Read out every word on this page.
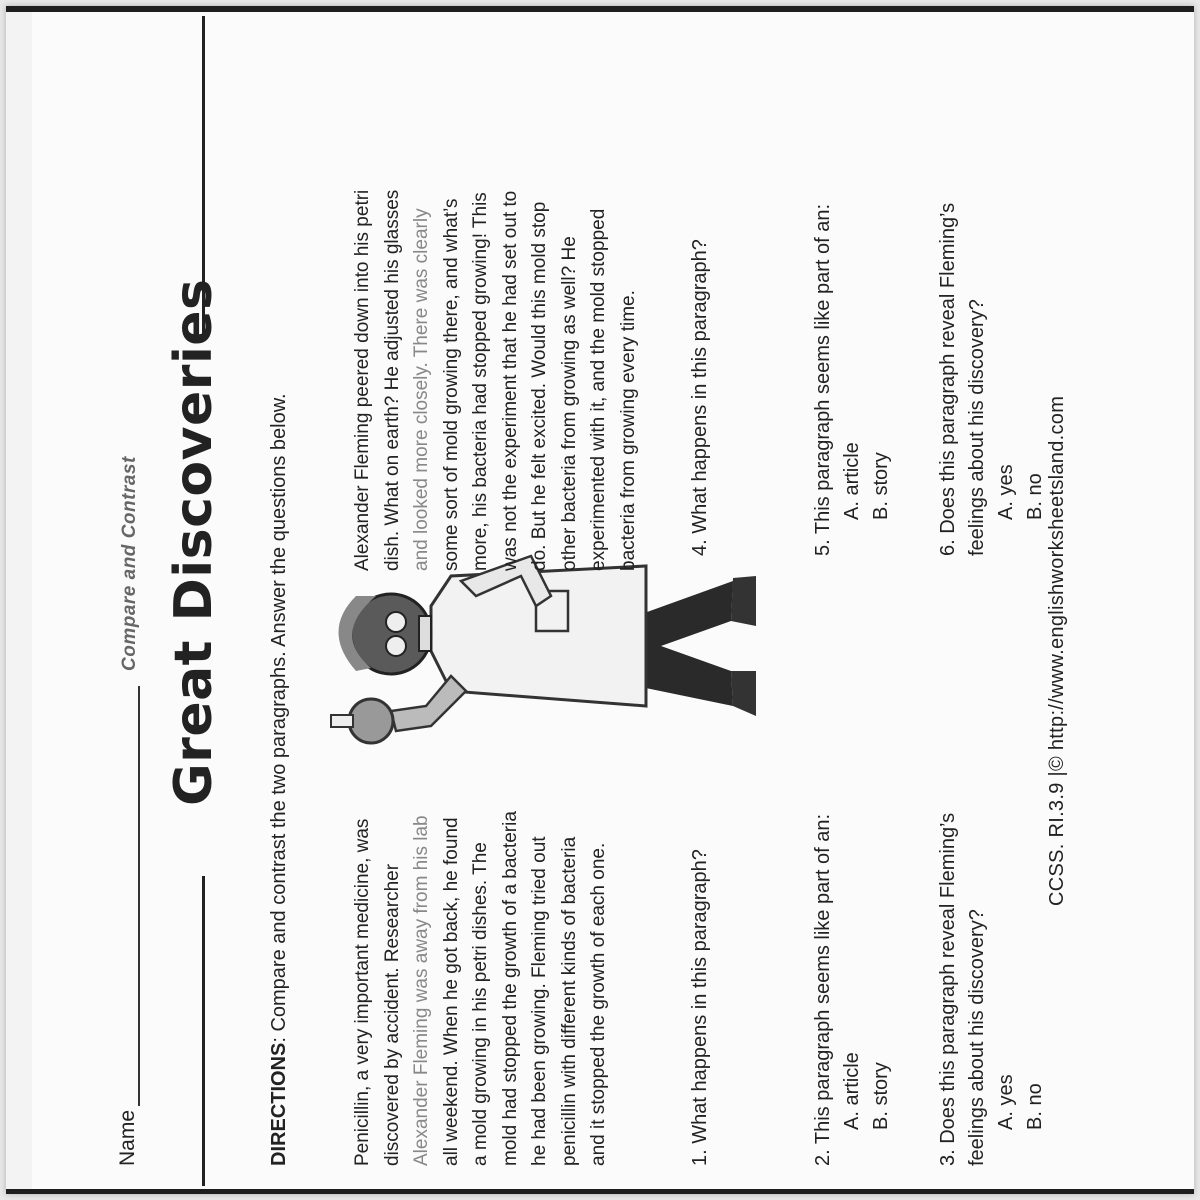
Name
Compare and Contrast Great Discoveries
DIRECTIONS: Compare and contrast the two paragraphs. Answer the questions below.	Penicillin, a very important medicine, was discovered by accident. Researcher Alexander Fleming was away from his lab all weekend. When he got back, he found a mold growing in his petri dishes. The mold had stopped the growth of a bacteria he had been growing. Fleming tried out penicillin with different kinds of bacteria and it stopped the growth of each one.
Alexander Fleming peered down into his petri dish. What on earth? He adjusted his glasses and looked more closely. There was clearly some sort of mold growing there, and what’s more, his bacteria had stopped growing! This was not the experiment that he had set out to do. But he felt excited. Would this mold stop other bacteria from growing as well? He experimented with it, and the mold stopped bacteria from growing every time.
1. What happens in this paragraph?	2. This paragraph seems like part of an: A. article B. story 3. Does this paragraph reveal Fleming’s feelings about his discovery? A. yes B. no
4. What happens in this paragraph?	5. This paragraph seems like part of an: A. article B. story 6. Does this paragraph reveal Fleming’s feelings about his discovery? A. yes B. no CCSS. RI.3.9 |© http://www.englishworksheetsland.com
